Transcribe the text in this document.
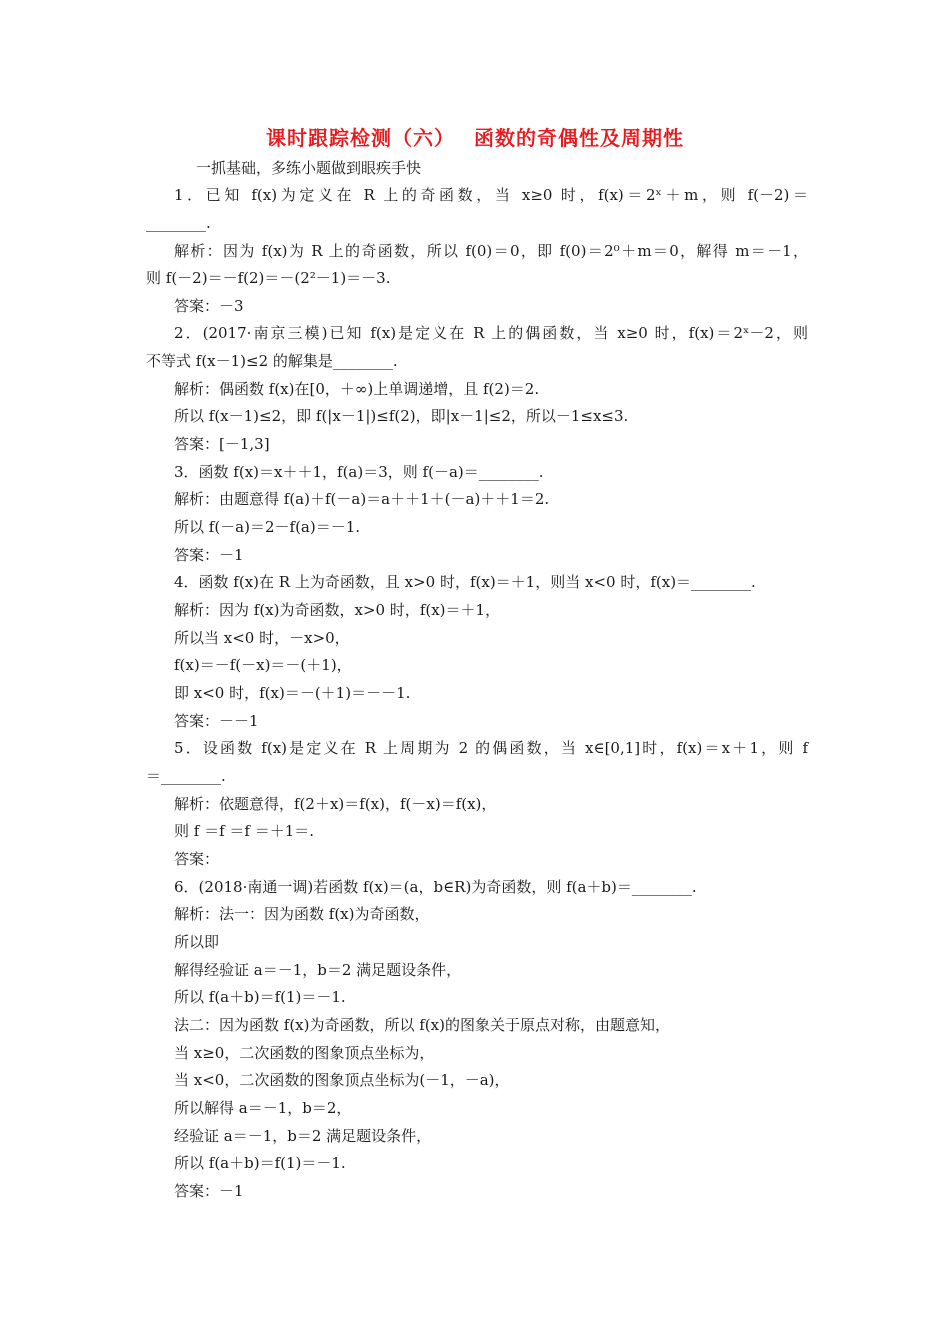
课时跟踪检测（六）　 函数的奇偶性及周期性
一抓基础，多练小题做到眼疾手快
1．已知 f(x)为定义在 R 上的奇函数，当 x≥0 时，f(x)＝2ˣ＋m，则 f(－2)＝
________.
解析：因为 f(x)为 R 上的奇函数，所以 f(0)＝0，即 f(0)＝2⁰＋m＝0，解得 m＝－1，
则 f(－2)＝－f(2)＝－(2²－1)＝－3.
答案：－3
2．(2017·南京三模)已知 f(x)是定义在 R 上的偶函数，当 x≥0 时，f(x)＝2ˣ－2，则
不等式 f(x－1)≤2 的解集是________.
解析：偶函数 f(x)在[0，＋∞)上单调递增，且 f(2)＝2.
所以 f(x－1)≤2，即 f(|x－1|)≤f(2)，即|x－1|≤2，所以－1≤x≤3.
答案：[－1,3]
3．函数 f(x)＝x＋＋1，f(a)＝3，则 f(－a)＝________.
解析：由题意得 f(a)＋f(－a)＝a＋＋1＋(－a)＋＋1＝2.
所以 f(－a)＝2－f(a)＝－1.
答案：－1
4．函数 f(x)在 R 上为奇函数，且 x>0 时，f(x)＝＋1，则当 x<0 时，f(x)＝________.
解析：因为 f(x)为奇函数，x>0 时，f(x)＝＋1，
所以当 x<0 时，－x>0，
f(x)＝－f(－x)＝－(＋1)，
即 x<0 时，f(x)＝－(＋1)＝－－1.
答案：－－1
5．设函数 f(x)是定义在 R 上周期为 2 的偶函数，当 x∈[0,1]时，f(x)＝x＋1，则 f
＝________.
解析：依题意得，f(2＋x)＝f(x)，f(－x)＝f(x)，
则 f ＝f ＝f ＝＋1＝.
答案：
6．(2018·南通一调)若函数 f(x)＝(a，b∈R)为奇函数，则 f(a＋b)＝________.
解析：法一：因为函数 f(x)为奇函数，
所以即
解得经验证 a＝－1，b＝2 满足题设条件，
所以 f(a＋b)＝f(1)＝－1.
法二：因为函数 f(x)为奇函数，所以 f(x)的图象关于原点对称，由题意知，
当 x≥0，二次函数的图象顶点坐标为，
当 x<0，二次函数的图象顶点坐标为(－1，－a)，
所以解得 a＝－1，b＝2，
经验证 a＝－1，b＝2 满足题设条件，
所以 f(a＋b)＝f(1)＝－1.
答案：－1
